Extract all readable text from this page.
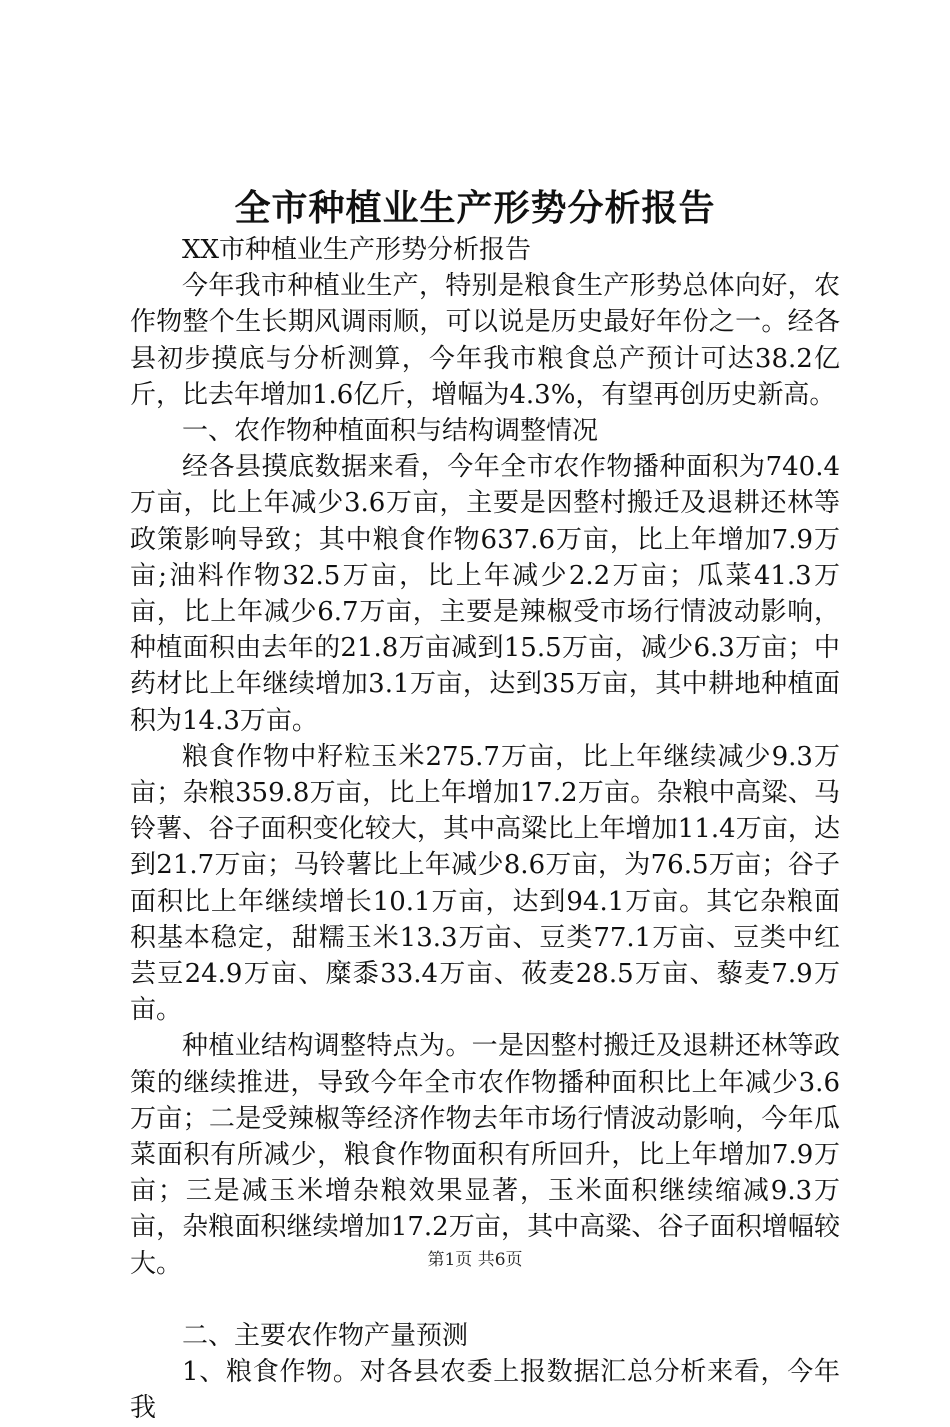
全市种植业生产形势分析报告

XX市种植业生产形势分析报告

今年我市种植业生产，特别是粮食生产形势总体向好，农作物整个生长期风调雨顺，可以说是历史最好年份之一。经各县初步摸底与分析测算，今年我市粮食总产预计可达38.2亿斤，比去年增加1.6亿斤，增幅为4.3%，有望再创历史新高。

一、农作物种植面积与结构调整情况

经各县摸底数据来看，今年全市农作物播种面积为740.4万亩，比上年减少3.6万亩，主要是因整村搬迁及退耕还林等政策影响导致；其中粮食作物637.6万亩，比上年增加7.9万亩;油料作物32.5万亩，比上年减少2.2万亩；瓜菜41.3万亩，比上年减少6.7万亩，主要是辣椒受市场行情波动影响，种植面积由去年的21.8万亩减到15.5万亩，减少6.3万亩；中药材比上年继续增加3.1万亩，达到35万亩，其中耕地种植面积为14.3万亩。

粮食作物中籽粒玉米275.7万亩，比上年继续减少9.3万亩；杂粮359.8万亩，比上年增加17.2万亩。杂粮中高粱、马铃薯、谷子面积变化较大，其中高粱比上年增加11.4万亩，达到21.7万亩；马铃薯比上年减少8.6万亩，为76.5万亩；谷子面积比上年继续增长10.1万亩，达到94.1万亩。其它杂粮面积基本稳定，甜糯玉米13.3万亩、豆类77.1万亩、豆类中红芸豆24.9万亩、糜黍33.4万亩、莜麦28.5万亩、藜麦7.9万亩。

种植业结构调整特点为。一是因整村搬迁及退耕还林等政策的继续推进，导致今年全市农作物播种面积比上年减少3.6万亩；二是受辣椒等经济作物去年市场行情波动影响，今年瓜菜面积有所减少，粮食作物面积有所回升，比上年增加7.9万亩；三是减玉米增杂粮效果显著，玉米面积继续缩减9.3万亩，杂粮面积继续增加17.2万亩，其中高粱、谷子面积增幅较大。

二、主要农作物产量预测

1、粮食作物。对各县农委上报数据汇总分析来看，今年我

第1页 共6页
